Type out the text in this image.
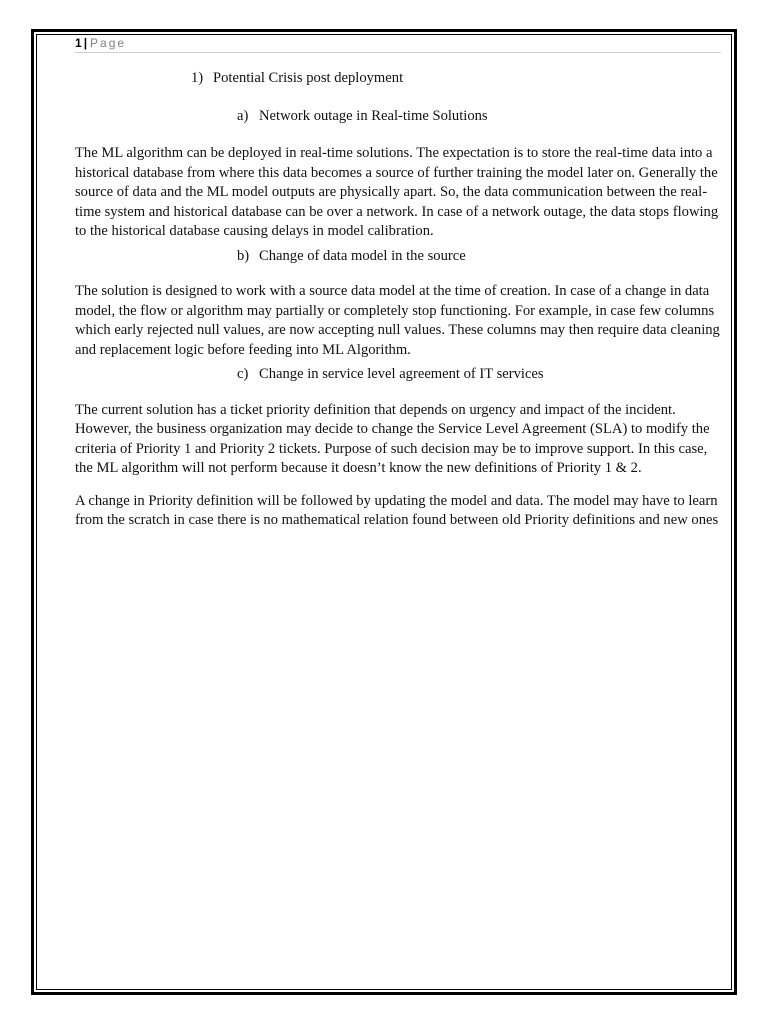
1 | Page
1) Potential Crisis post deployment
a) Network outage in Real-time Solutions

The ML algorithm can be deployed in real-time solutions. The expectation is to store the real-time data into a historical database from where this data becomes a source of further training the model later on. Generally the source of data and the ML model outputs are physically apart. So, the data communication between the real-time system and historical database can be over a network. In case of a network outage, the data stops flowing to the historical database causing delays in model calibration.

b) Change of data model in the source

The solution is designed to work with a source data model at the time of creation. In case of a change in data model, the flow or algorithm may partially or completely stop functioning. For example, in case few columns which early rejected null values, are now accepting null values. These columns may then require data cleaning and replacement logic before feeding into ML Algorithm.

c) Change in service level agreement of IT services

The current solution has a ticket priority definition that depends on urgency and impact of the incident. However, the business organization may decide to change the Service Level Agreement (SLA) to modify the criteria of Priority 1 and Priority 2 tickets. Purpose of such decision may be to improve support. In this case, the ML algorithm will not perform because it doesn’t know the new definitions of Priority 1 & 2.

A change in Priority definition will be followed by updating the model and data. The model may have to learn from the scratch in case there is no mathematical relation found between old Priority definitions and new ones
